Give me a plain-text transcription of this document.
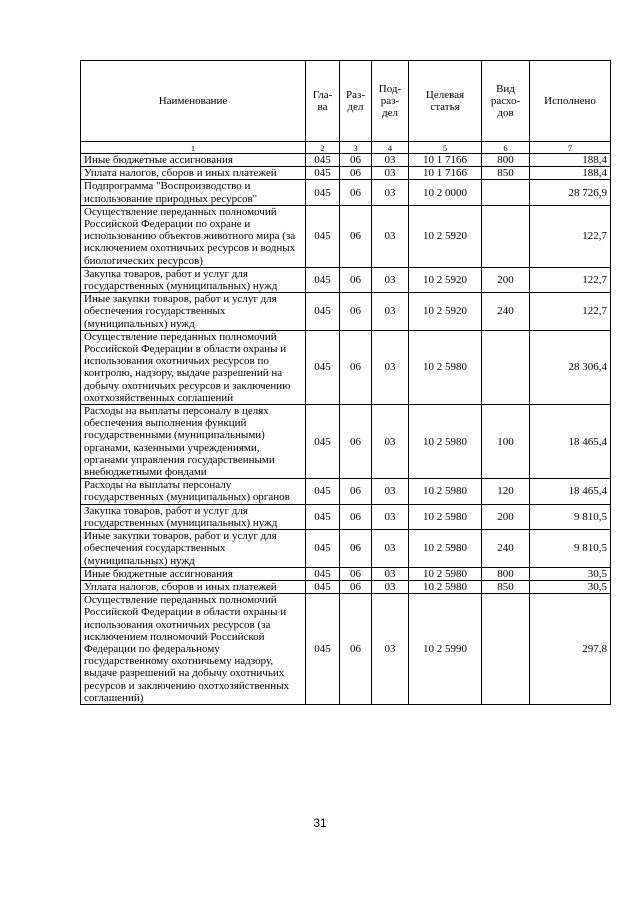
Наименование	Гла-ва	Раз-дел	Под-раз-дел	Целевая статья	Вид расхо-дов	Исполнено
1	2	3	4	5	6	7
Иные бюджетные ассигнования	045	06	03	10 1 7166	800	188,4
Уплата налогов, сборов и иных платежей	045	06	03	10 1 7166	850	188,4
Подпрограмма "Воспроизводство и использование природных ресурсов"	045	06	03	10 2 0000		28 726,9
Осуществление переданных полномочий Российской Федерации по охране и использованию объектов животного мира (за исключением охотничьих ресурсов и водных биологических ресурсов)	045	06	03	10 2 5920		122,7
Закупка товаров, работ и услуг для государственных (муниципальных) нужд	045	06	03	10 2 5920	200	122,7
Иные закупки товаров, работ и услуг для обеспечения государственных (муниципальных) нужд	045	06	03	10 2 5920	240	122,7
Осуществление переданных полномочий Российской Федерации в области охраны и использования охотничьих ресурсов по контролю, надзору, выдаче разрешений на добычу охотничьих ресурсов и заключению охотхозяйственных соглашений	045	06	03	10 2 5980		28 306,4
Расходы на выплаты персоналу в целях обеспечения выполнения функций государственными (муниципальными) органами, казенными учреждениями, органами управления государственными внебюджетными фондами	045	06	03	10 2 5980	100	18 465,4
Расходы на выплаты персоналу государственных (муниципальных) органов	045	06	03	10 2 5980	120	18 465,4
Закупка товаров, работ и услуг для государственных (муниципальных) нужд	045	06	03	10 2 5980	200	9 810,5
Иные закупки товаров, работ и услуг для обеспечения государственных (муниципальных) нужд	045	06	03	10 2 5980	240	9 810,5
Иные бюджетные ассигнования	045	06	03	10 2 5980	800	30,5
Уплата налогов, сборов и иных платежей	045	06	03	10 2 5980	850	30,5
Осуществление переданных полномочий Российской Федерации в области охраны и использования охотничьих ресурсов (за исключением полномочий Российской Федерации по федеральному государственному охотничьему надзору, выдаче разрешений на добычу охотничьих ресурсов и заключению охотхозяйственных соглашений)	045	06	03	10 2 5990		297,8
31
